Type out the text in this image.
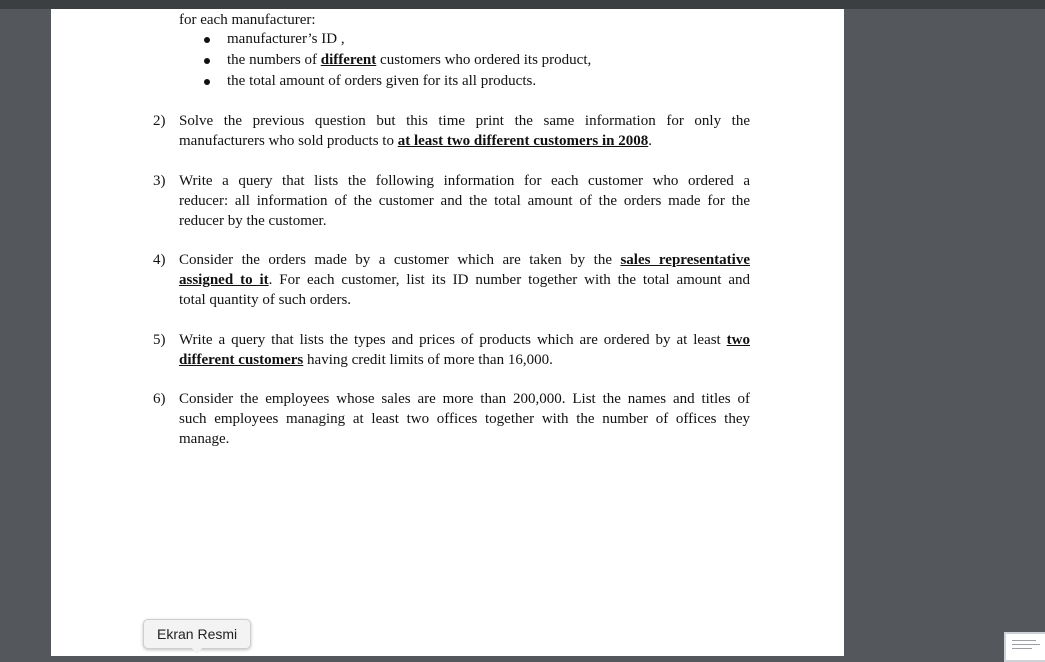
for each manufacturer:

manufacturer’s ID ,
the numbers of different customers who ordered its product,
the total amount of orders given for its all products.
2) Solve the previous question but this time print the same information for only the
manufacturers who sold products to at least two different customers in 2008.
3) Write a query that lists the following information for each customer who ordered a
reducer: all information of the customer and the total amount of the orders made for the
reducer by the customer.
4) Consider the orders made by a customer which are taken by the sales representative
assigned to it. For each customer, list its ID number together with the total amount and
total quantity of such orders.
5) Write a query that lists the types and prices of products which are ordered by at least two
different customers having credit limits of more than 16,000.
6) Consider the employees whose sales are more than 200,000. List the names and titles of
such employees managing at least two offices together with the number of offices they
manage.
Ekran Resmi
